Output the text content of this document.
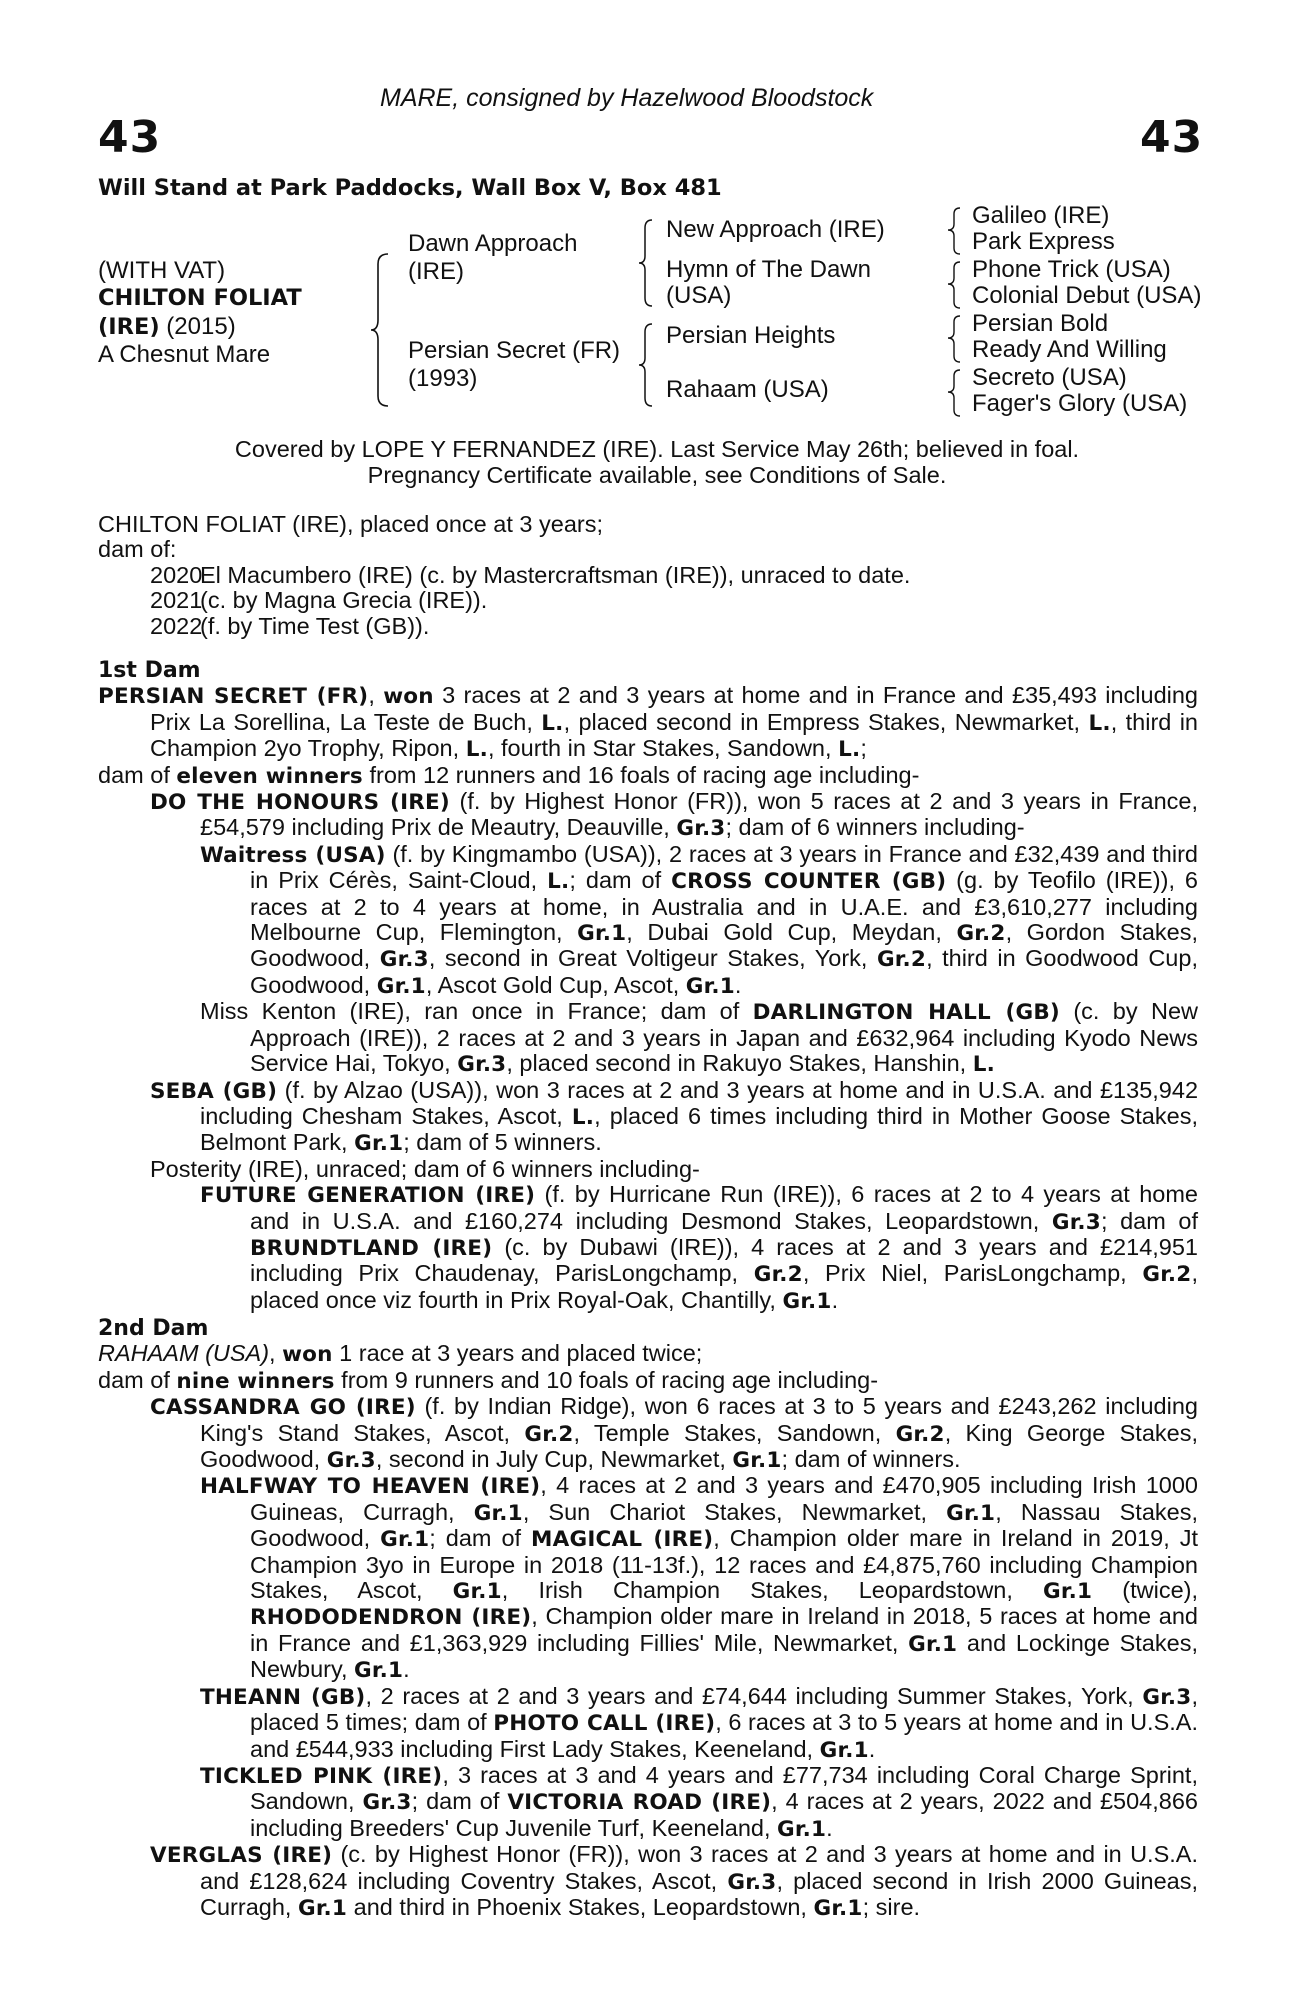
MARE, consigned by Hazelwood Bloodstock
43	43
Will Stand at Park Paddocks, Wall Box V, Box 481
(WITH VAT)
CHILTON FOLIAT
(IRE) (2015)
A Chesnut Mare
Dawn Approach
(IRE)
Persian Secret (FR)
(1993)
New Approach (IRE)
Hymn of The Dawn
(USA)
Persian Heights
Rahaam (USA)
Galileo (IRE)
Park Express
Phone Trick (USA)
Colonial Debut (USA)
Persian Bold
Ready And Willing
Secreto (USA)
Fager's Glory (USA)
Covered by LOPE Y FERNANDEZ (IRE). Last Service May 26th; believed in foal.
Pregnancy Certificate available, see Conditions of Sale.
CHILTON FOLIAT (IRE), placed once at 3 years;
dam of:
2020
El Macumbero (IRE) (c. by Mastercraftsman (IRE)), unraced to date.
2021
(c. by Magna Grecia (IRE)).
2022
(f. by Time Test (GB)).
1st Dam

PERSIAN SECRET (FR), won 3 races at 2 and 3 years at home and in France and £35,493 including Prix La Sorellina, La Teste de Buch, L., placed second in Empress Stakes, Newmarket, L., third in Champion 2yo Trophy, Ripon, L., fourth in Star Stakes, Sandown, L.;

dam of eleven winners from 12 runners and 16 foals of racing age including-

DO THE HONOURS (IRE) (f. by Highest Honor (FR)), won 5 races at 2 and 3 years in France, £54,579 including Prix de Meautry, Deauville, Gr.3; dam of 6 winners including-

Waitress (USA) (f. by Kingmambo (USA)), 2 races at 3 years in France and £32,439 and third in Prix Cérès, Saint-Cloud, L.; dam of CROSS COUNTER (GB) (g. by Teofilo (IRE)), 6 races at 2 to 4 years at home, in Australia and in U.A.E. and £3,610,277 including Melbourne Cup, Flemington, Gr.1, Dubai Gold Cup, Meydan, Gr.2, Gordon Stakes, Goodwood, Gr.3, second in Great Voltigeur Stakes, York, Gr.2, third in Goodwood Cup, Goodwood, Gr.1, Ascot Gold Cup, Ascot, Gr.1.

Miss Kenton (IRE), ran once in France; dam of DARLINGTON HALL (GB) (c. by New Approach (IRE)), 2 races at 2 and 3 years in Japan and £632,964 including Kyodo News Service Hai, Tokyo, Gr.3, placed second in Rakuyo Stakes, Hanshin, L.

SEBA (GB) (f. by Alzao (USA)), won 3 races at 2 and 3 years at home and in U.S.A. and £135,942 including Chesham Stakes, Ascot, L., placed 6 times including third in Mother Goose Stakes, Belmont Park, Gr.1; dam of 5 winners.

Posterity (IRE), unraced; dam of 6 winners including-

FUTURE GENERATION (IRE) (f. by Hurricane Run (IRE)), 6 races at 2 to 4 years at home and in U.S.A. and £160,274 including Desmond Stakes, Leopardstown, Gr.3; dam of BRUNDTLAND (IRE) (c. by Dubawi (IRE)), 4 races at 2 and 3 years and £214,951 including Prix Chaudenay, ParisLongchamp, Gr.2, Prix Niel, ParisLongchamp, Gr.2, placed once viz fourth in Prix Royal-Oak, Chantilly, Gr.1.

2nd Dam

RAHAAM (USA), won 1 race at 3 years and placed twice;

dam of nine winners from 9 runners and 10 foals of racing age including-

CASSANDRA GO (IRE) (f. by Indian Ridge), won 6 races at 3 to 5 years and £243,262 including King's Stand Stakes, Ascot, Gr.2, Temple Stakes, Sandown, Gr.2, King George Stakes, Goodwood, Gr.3, second in July Cup, Newmarket, Gr.1; dam of winners.

HALFWAY TO HEAVEN (IRE), 4 races at 2 and 3 years and £470,905 including Irish 1000 Guineas, Curragh, Gr.1, Sun Chariot Stakes, Newmarket, Gr.1, Nassau Stakes, Goodwood, Gr.1; dam of MAGICAL (IRE), Champion older mare in Ireland in 2019, Jt Champion 3yo in Europe in 2018 (11-13f.), 12 races and £4,875,760 including Champion Stakes, Ascot, Gr.1, Irish Champion Stakes, Leopardstown, Gr.1 (twice), RHODODENDRON (IRE), Champion older mare in Ireland in 2018, 5 races at home and in France and £1,363,929 including Fillies' Mile, Newmarket, Gr.1 and Lockinge Stakes, Newbury, Gr.1.

THEANN (GB), 2 races at 2 and 3 years and £74,644 including Summer Stakes, York, Gr.3, placed 5 times; dam of PHOTO CALL (IRE), 6 races at 3 to 5 years at home and in U.S.A. and £544,933 including First Lady Stakes, Keeneland, Gr.1.

TICKLED PINK (IRE), 3 races at 3 and 4 years and £77,734 including Coral Charge Sprint, Sandown, Gr.3; dam of VICTORIA ROAD (IRE), 4 races at 2 years, 2022 and £504,866 including Breeders' Cup Juvenile Turf, Keeneland, Gr.1.

VERGLAS (IRE) (c. by Highest Honor (FR)), won 3 races at 2 and 3 years at home and in U.S.A. and £128,624 including Coventry Stakes, Ascot, Gr.3, placed second in Irish 2000 Guineas, Curragh, Gr.1 and third in Phoenix Stakes, Leopardstown, Gr.1; sire.
